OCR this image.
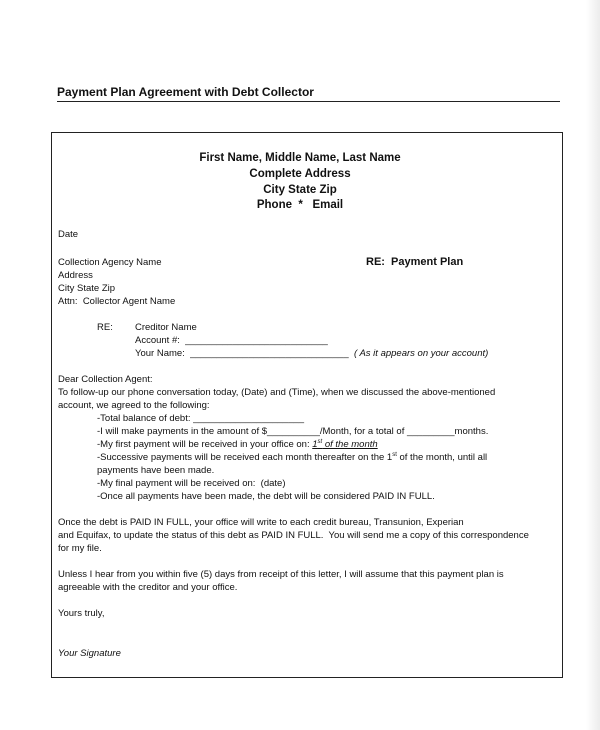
Payment Plan Agreement with Debt Collector
First Name, Middle Name, Last Name
Complete Address
City State Zip
Phone  *   Email
Date
Collection Agency Name
Address
City State Zip
Attn:  Collector Agent Name
RE:  Payment Plan
RE: Creditor Name
Account #:  ___________________________
Your Name:  ______________________________ ( As it appears on your account)
Dear Collection Agent:
To follow-up our phone conversation today, (Date) and (Time), when we discussed the above-mentioned
account, we agreed to the following:
-Total balance of debt: _____________________
-I will make payments in the amount of $__________/Month, for a total of _________months.
-My first payment will be received in your office on: 1st of the month
-Successive payments will be received each month thereafter on the 1st of the month, until all
payments have been made.
-My final payment will be received on:  (date)
-Once all payments have been made, the debt will be considered PAID IN FULL.
Once the debt is PAID IN FULL, your office will write to each credit bureau, Transunion, Experian
and Equifax, to update the status of this debt as PAID IN FULL.  You will send me a copy of this correspondence
for my file.
Unless I hear from you within five (5) days from receipt of this letter, I will assume that this payment plan is
agreeable with the creditor and your office.
Yours truly,
Your Signature
